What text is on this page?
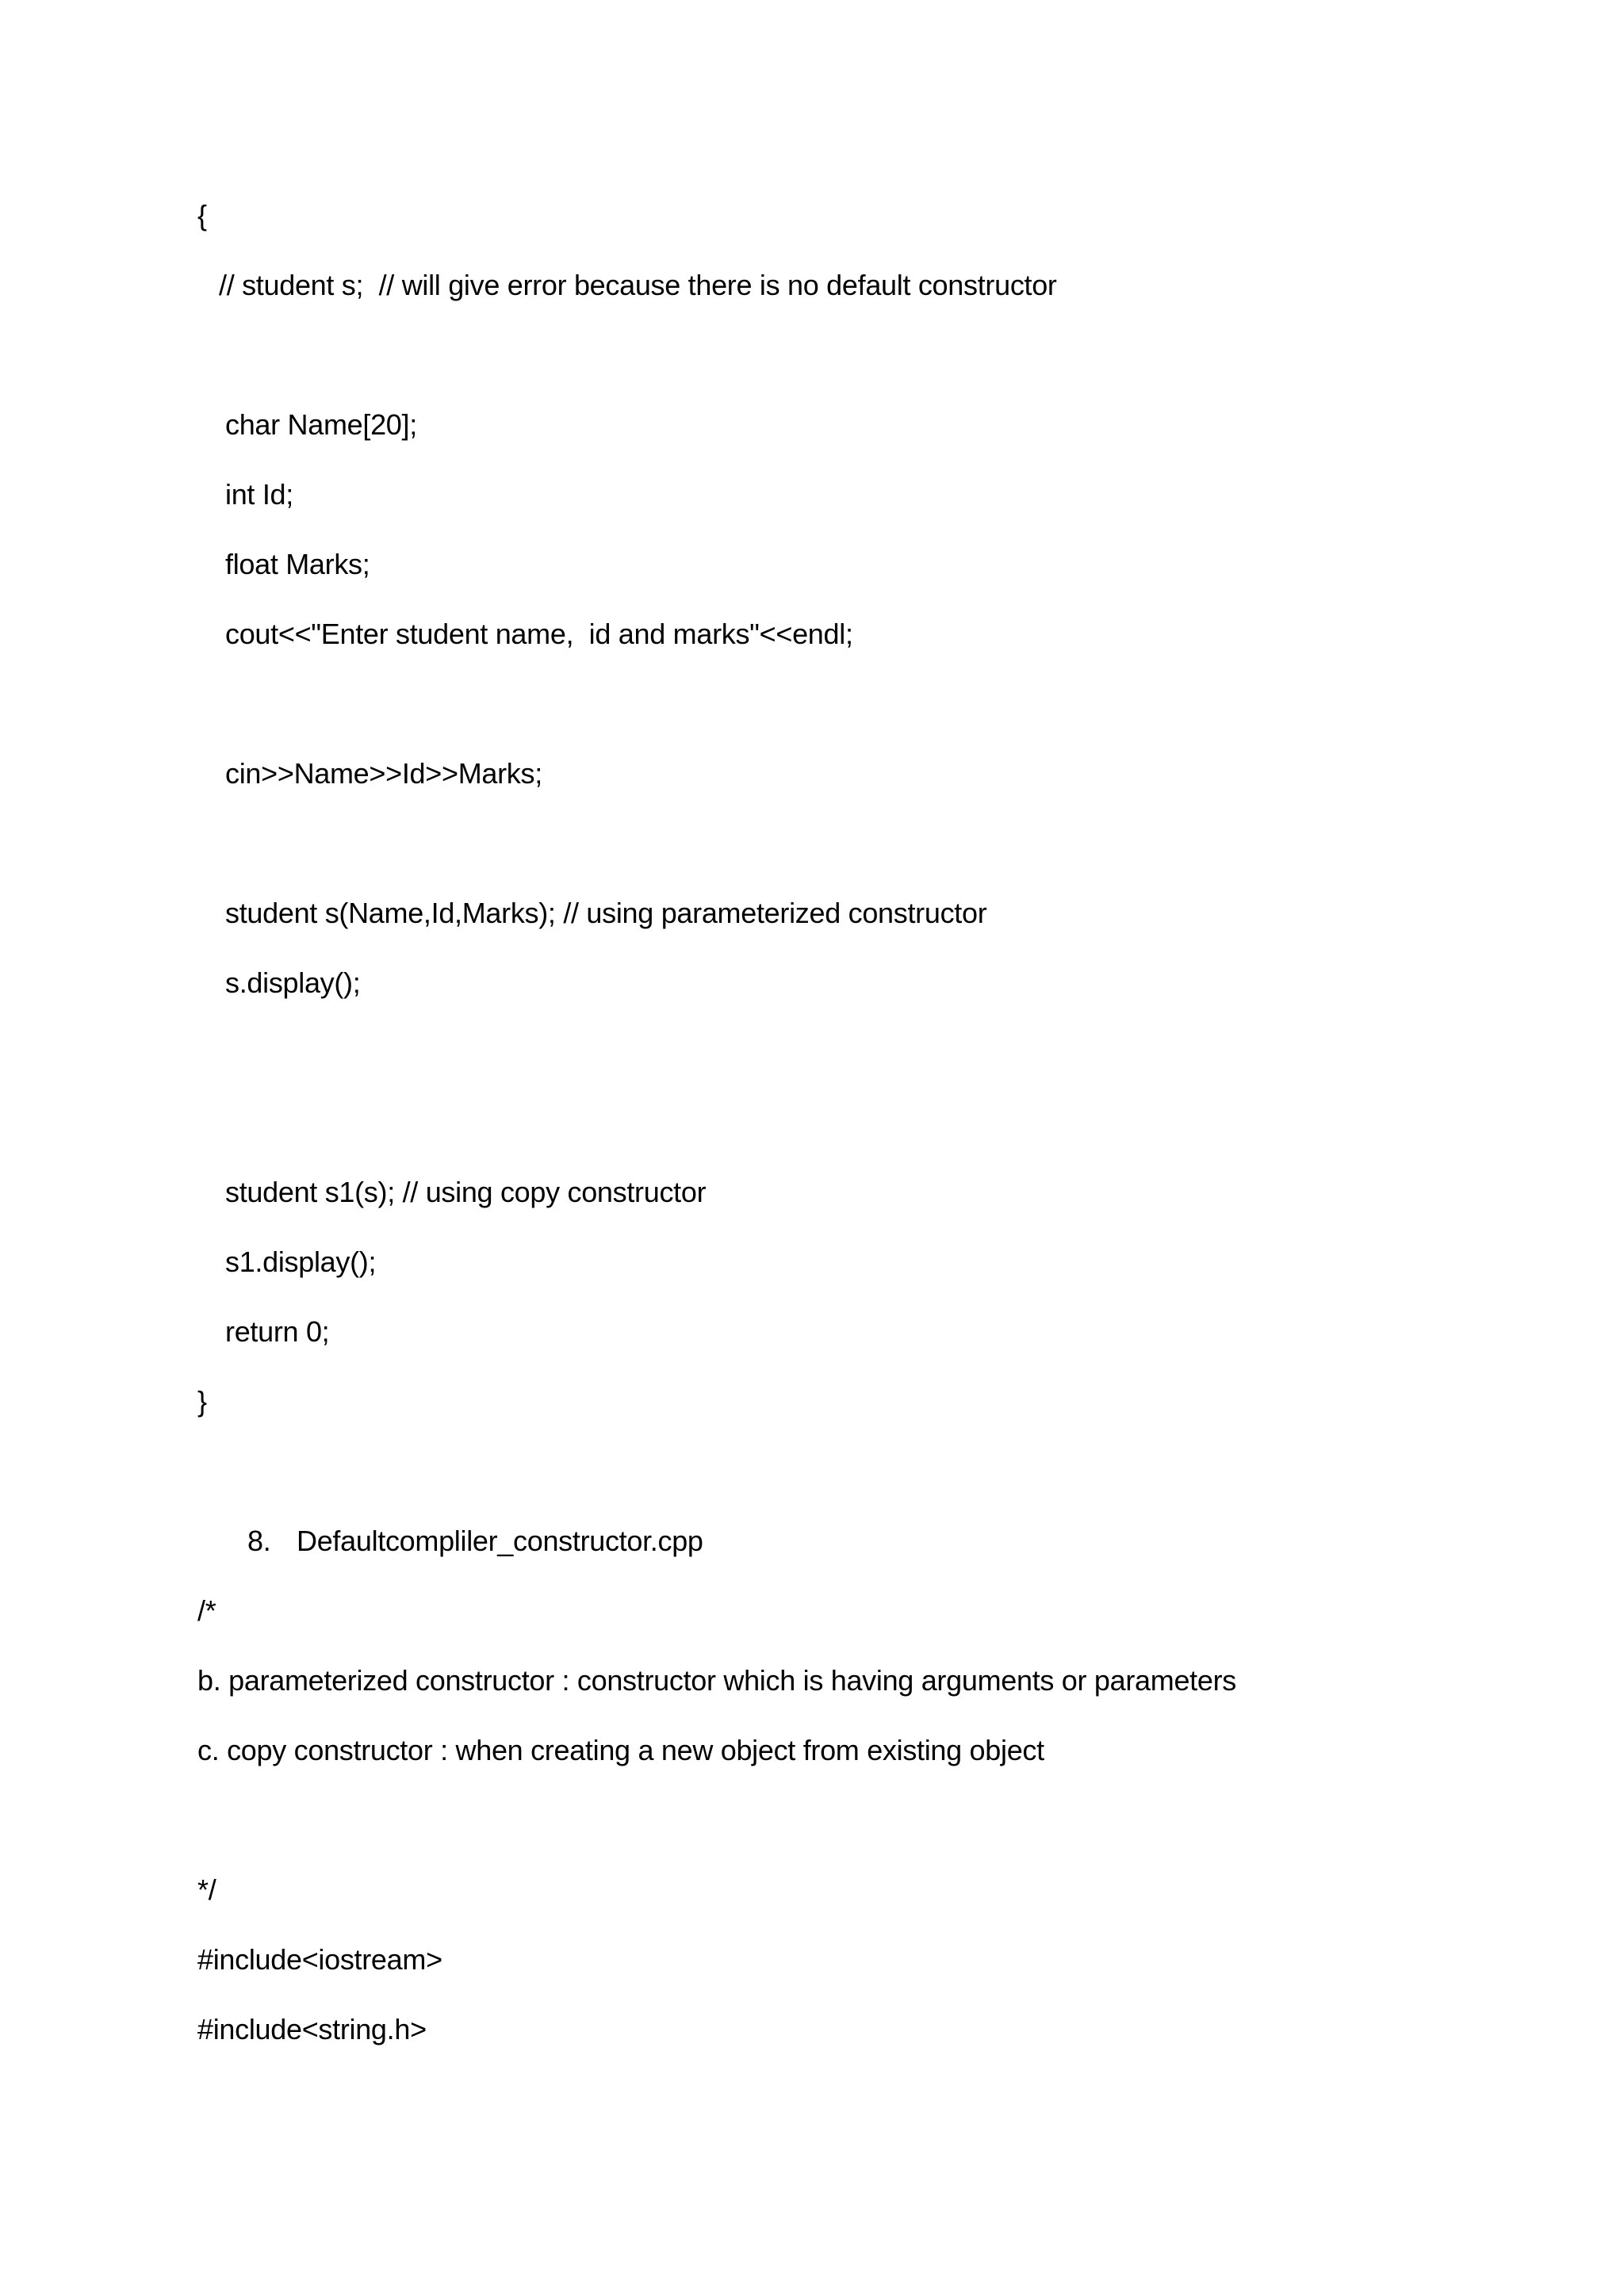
{
// student s;  // will give error because there is no default constructor
char Name[20];
int Id;
float Marks;
cout<<"Enter student name,  id and marks"<<endl;
cin>>Name>>Id>>Marks;
student s(Name,Id,Marks); // using parameterized constructor
s.display();
student s1(s); // using copy constructor
s1.display();
return 0;
}
8. Defaultcompliler_constructor.cpp
/*
b. parameterized constructor : constructor which is having arguments or parameters
c. copy constructor : when creating a new object from existing object
*/
#include<iostream>
#include<string.h>
